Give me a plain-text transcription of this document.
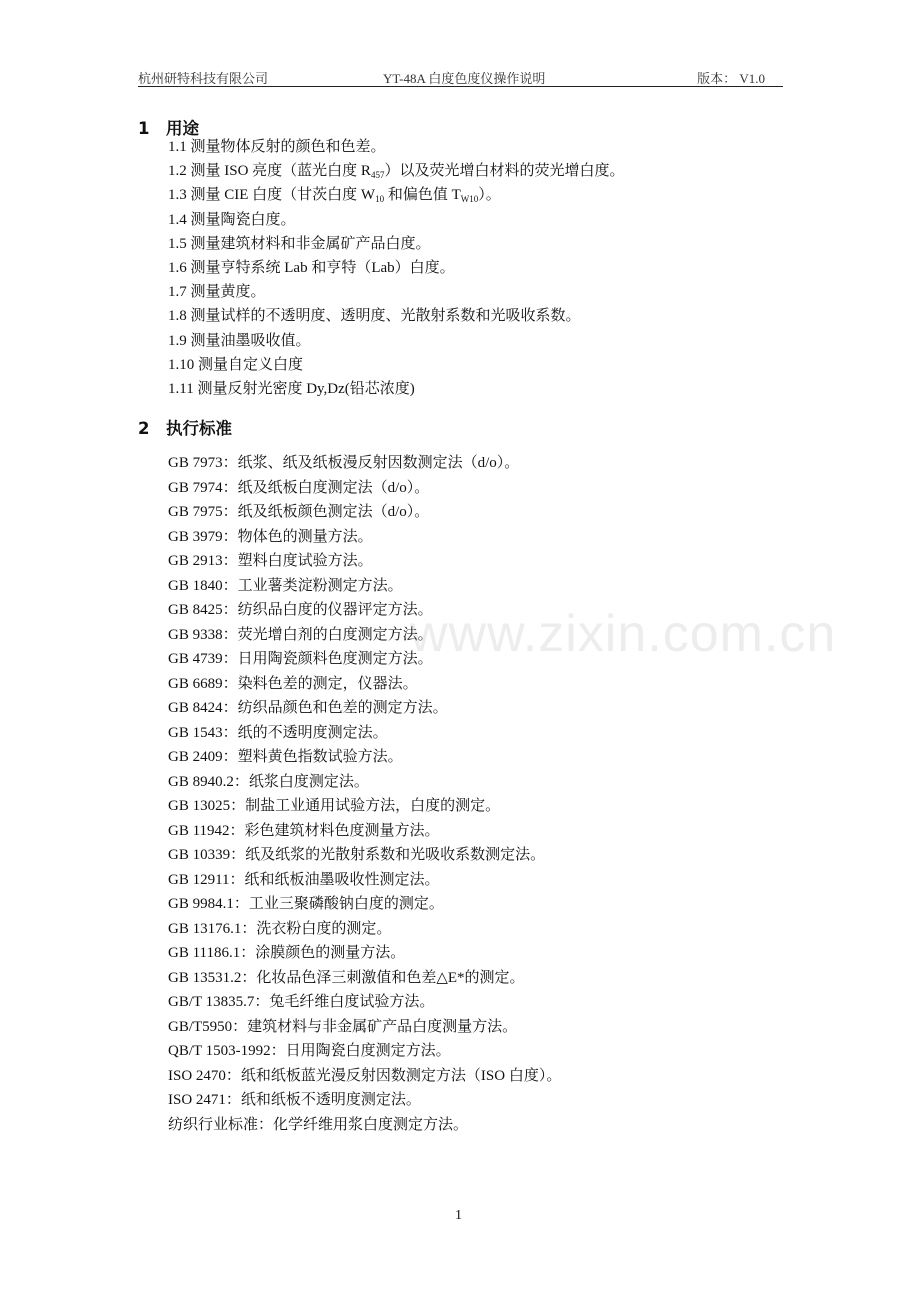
杭州研特科技有限公司	YT-48A 白度色度仪操作说明	版本： V1.0
1 用途
1.1 测量物体反射的颜色和色差。
1.2 测量 ISO 亮度（蓝光白度 $R_{457}$）以及荧光增白材料的荧光增白度。
1.3 测量 CIE 白度（甘茨白度 $W_{10}$ 和偏色值 $T_{W10}$）。
1.4 测量陶瓷白度。
1.5 测量建筑材料和非金属矿产品白度。
1.6 测量亨特系统 Lab 和亨特（Lab）白度。
1.7 测量黄度。
1.8 测量试样的不透明度、透明度、光散射系数和光吸收系数。
1.9 测量油墨吸收值。
1.10 测量自定义白度
1.11 测量反射光密度 Dy,Dz(铅芯浓度)
2 执行标准
GB 7973：纸浆、纸及纸板漫反射因数测定法（d/o）。
GB 7974：纸及纸板白度测定法（d/o）。
GB 7975：纸及纸板颜色测定法（d/o）。
GB 3979：物体色的测量方法。
GB 2913：塑料白度试验方法。
GB 1840：工业薯类淀粉测定方法。
GB 8425：纺织品白度的仪器评定方法。
GB 9338：荧光增白剂的白度测定方法。
GB 4739：日用陶瓷颜料色度测定方法。
GB 6689：染料色差的测定，仪器法。
GB 8424：纺织品颜色和色差的测定方法。
GB 1543：纸的不透明度测定法。
GB 2409：塑料黄色指数试验方法。
GB 8940.2：纸浆白度测定法。
GB 13025：制盐工业通用试验方法，白度的测定。
GB 11942：彩色建筑材料色度测量方法。
GB 10339：纸及纸浆的光散射系数和光吸收系数测定法。
GB 12911：纸和纸板油墨吸收性测定法。
GB 9984.1：工业三聚磷酸钠白度的测定。
GB 13176.1：洗衣粉白度的测定。
GB 11186.1：涂膜颜色的测量方法。
GB 13531.2：化妆品色泽三刺激值和色差△E*的测定。
GB/T 13835.7：兔毛纤维白度试验方法。
GB/T5950：建筑材料与非金属矿产品白度测量方法。
QB/T 1503-1992：日用陶瓷白度测定方法。
ISO 2470：纸和纸板蓝光漫反射因数测定方法（ISO 白度）。
ISO 2471：纸和纸板不透明度测定法。
纺织行业标准：化学纤维用浆白度测定方法。
www.zixin.com.cn
1
